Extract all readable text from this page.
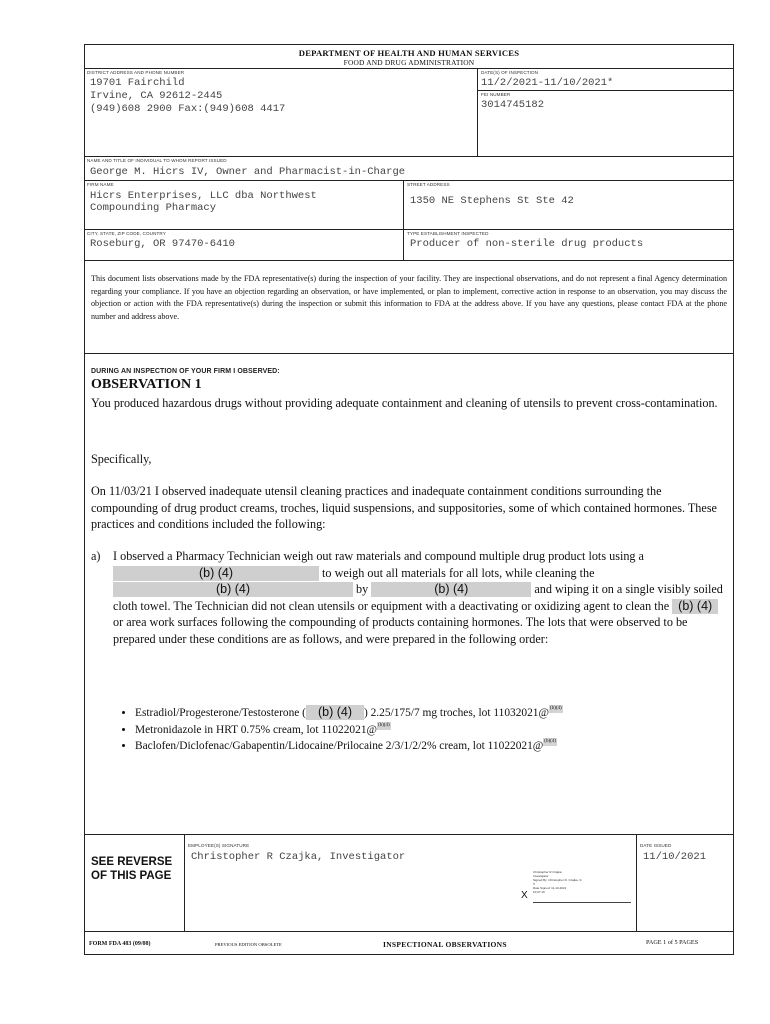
DEPARTMENT OF HEALTH AND HUMAN SERVICES
FOOD AND DRUG ADMINISTRATION
DISTRICT ADDRESS AND PHONE NUMBER
19701 Fairchild
Irvine, CA 92612-2445
(949)608 2900 Fax:(949)608 4417
DATE(S) OF INSPECTION
11/2/2021-11/10/2021*
FEI NUMBER
3014745182
NAME AND TITLE OF INDIVIDUAL TO WHOM REPORT ISSUED
George M. Hicrs IV, Owner and Pharmacist-in-Charge
FIRM NAME
Hicrs Enterprises, LLC dba Northwest
Compounding Pharmacy
STREET ADDRESS
1350 NE Stephens St Ste 42
CITY, STATE, ZIP CODE, COUNTRY
Roseburg, OR 97470-6410
TYPE ESTABLISHMENT INSPECTED
Producer of non-sterile drug products
This document lists observations made by the FDA representative(s) during the inspection of your facility. They are inspectional observations, and do not represent a final Agency determination regarding your compliance. If you have an objection regarding an observation, or have implemented, or plan to implement, corrective action in response to an observation, you may discuss the objection or action with the FDA representative(s) during the inspection or submit this information to FDA at the address above. If you have any questions, please contact FDA at the phone number and address above.
DURING AN INSPECTION OF YOUR FIRM I OBSERVED:
OBSERVATION 1
You produced hazardous drugs without providing adequate containment and cleaning of utensils to prevent cross-contamination.
Specifically,
On 11/03/21 I observed inadequate utensil cleaning practices and inadequate containment conditions surrounding the compounding of drug product creams, troches, liquid suspensions, and suppositories, some of which contained hormones. These practices and conditions included the following:
a) I observed a Pharmacy Technician weigh out raw materials and compound multiple drug product lots using a (b) (4)	to weigh out all materials for all lots, while cleaning the (b) (4)	by	(b) (4)	and wiping it on a single visibly soiled cloth towel. The Technician did not clean utensils or equipment with a deactivating or oxidizing agent to clean the (b) (4) or area work surfaces following the compounding of products containing hormones. The lots that were observed to be prepared under these conditions are as follows, and were prepared in the following order:
• Estradiol/Progesterone/Testosterone ( (b) (4) ) 2.25/175/7 mg troches, lot 11032021@(b)(4)
• Metronidazole in HRT 0.75% cream, lot 11022021@(b)(4)
• Baclofen/Diclofenac/Gabapentin/Lidocaine/Prilocaine 2/3/1/2/2% cream, lot 11022021@(b)(4)
SEE REVERSE OF THIS PAGE
EMPLOYEE(S) SIGNATURE
Christopher R Czajka, Investigator
DATE ISSUED
11/10/2021
X
Christopher R Czajka
Investigator
Signed By: Christopher R. Czajka -S
X
Date Signed: 11-10-2021
10:07:19
FORM FDA 483 (09/08)	PREVIOUS EDITION OBSOLETE	INSPECTIONAL OBSERVATIONS	PAGE 1 of 5 PAGES
